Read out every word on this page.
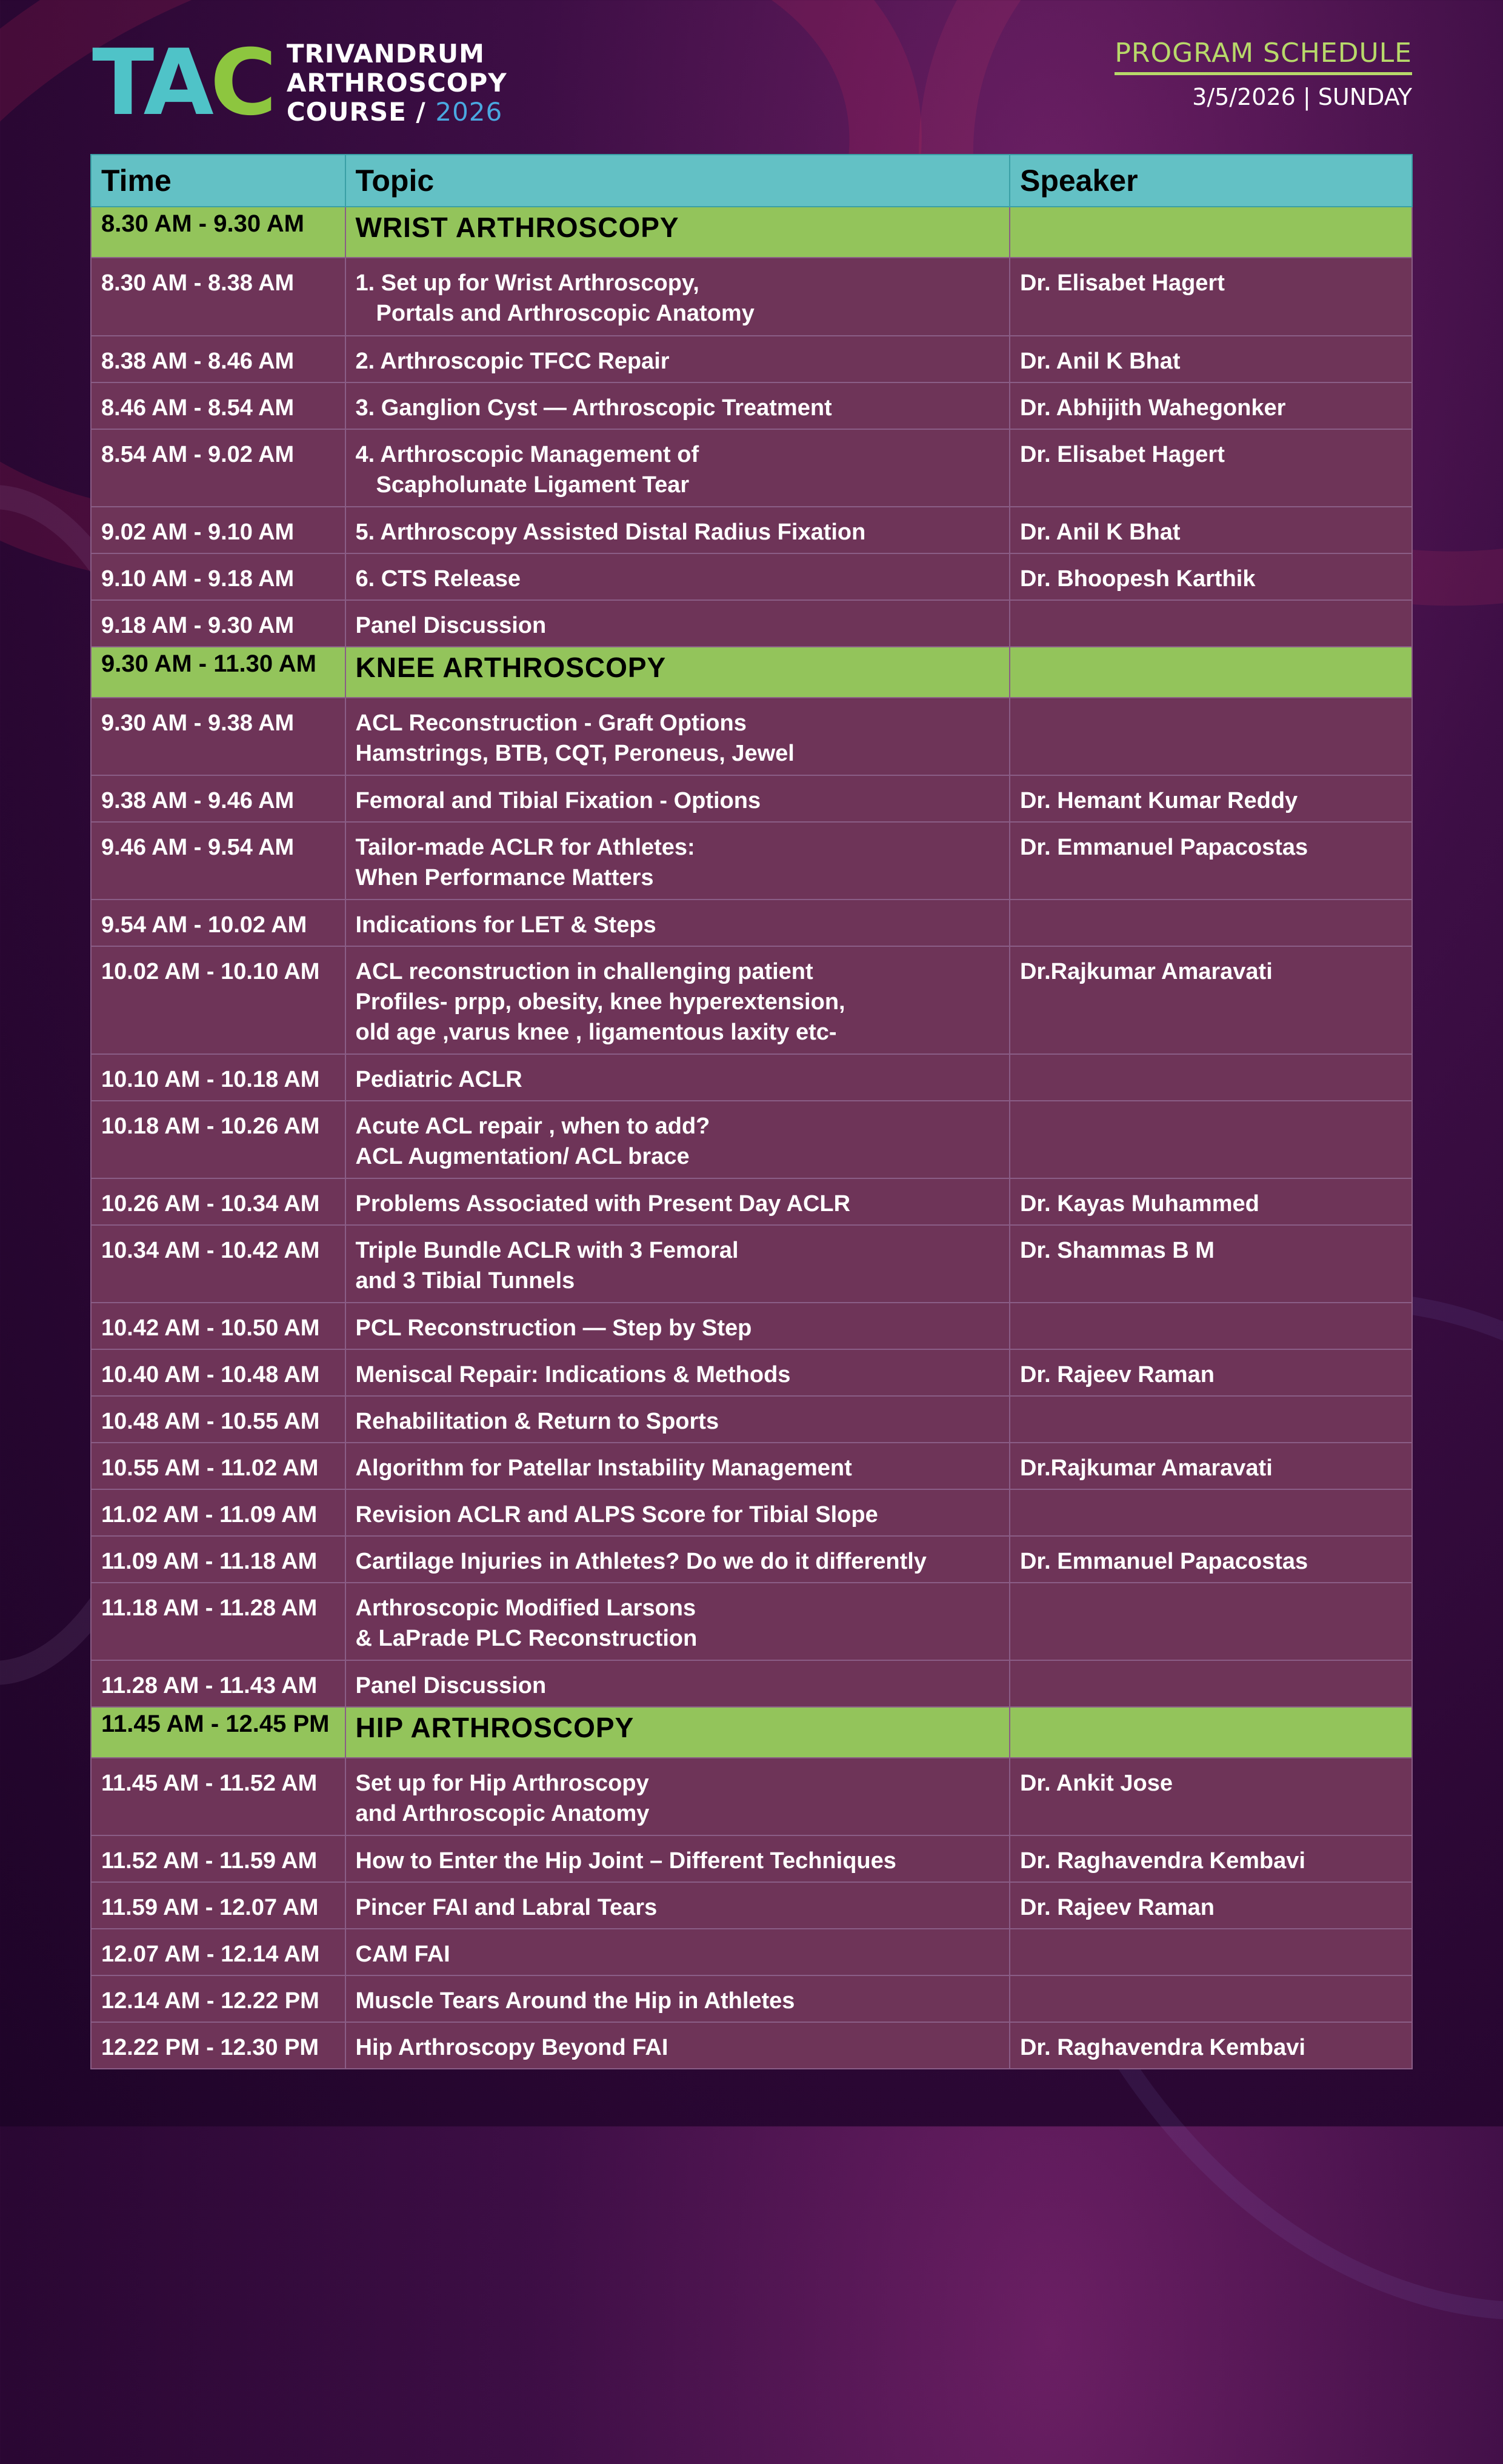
TAC TRIVANDRUM
ARTHROSCOPY
COURSE / 2026
PROGRAM SCHEDULE
3/5/2026 | SUNDAY
Time	Topic	Speaker
8.30 AM - 9.30 AM	WRIST ARTHROSCOPY	

8.30 AM - 8.38 AM	1. Set up for Wrist Arthroscopy,
Portals and Arthroscopic Anatomy	Dr. Elisabet Hagert
8.38 AM - 8.46 AM	2. Arthroscopic TFCC Repair	Dr. Anil K Bhat
8.46 AM - 8.54 AM	3. Ganglion Cyst — Arthroscopic Treatment	Dr. Abhijith Wahegonker
8.54 AM - 9.02 AM	4. Arthroscopic Management of
Scapholunate Ligament Tear	Dr. Elisabet Hagert
9.02 AM - 9.10 AM	5. Arthroscopy Assisted Distal Radius Fixation	Dr. Anil K Bhat
9.10 AM - 9.18 AM	6. CTS Release	Dr. Bhoopesh Karthik
9.18 AM - 9.30 AM	Panel Discussion	

9.30 AM - 11.30 AM	KNEE ARTHROSCOPY	

9.30 AM - 9.38 AM	ACL Reconstruction - Graft Options
Hamstrings, BTB, CQT, Peroneus, Jewel	

9.38 AM - 9.46 AM	Femoral and Tibial Fixation - Options	Dr. Hemant Kumar Reddy
9.46 AM - 9.54 AM	Tailor-made ACLR for Athletes:
When Performance Matters	Dr. Emmanuel Papacostas
9.54 AM - 10.02 AM	Indications for LET & Steps	

10.02 AM - 10.10 AM	ACL reconstruction in challenging patient
Profiles- prpp, obesity, knee hyperextension,
old age ,varus knee , ligamentous laxity etc-	Dr.Rajkumar Amaravati
10.10 AM - 10.18 AM	Pediatric ACLR	

10.18 AM - 10.26 AM	Acute ACL repair , when to add?
ACL Augmentation/ ACL brace	

10.26 AM - 10.34 AM	Problems Associated with Present Day ACLR	Dr. Kayas Muhammed
10.34 AM - 10.42 AM	Triple Bundle ACLR with 3 Femoral
and 3 Tibial Tunnels	Dr. Shammas B M
10.42 AM - 10.50 AM	PCL Reconstruction — Step by Step	

10.40 AM - 10.48 AM	Meniscal Repair: Indications & Methods	Dr. Rajeev Raman
10.48 AM - 10.55 AM	Rehabilitation & Return to Sports	

10.55 AM - 11.02 AM	Algorithm for Patellar Instability Management	Dr.Rajkumar Amaravati
11.02 AM - 11.09 AM	Revision ACLR and ALPS Score for Tibial Slope	

11.09 AM - 11.18 AM	Cartilage Injuries in Athletes? Do we do it differently	Dr. Emmanuel Papacostas
11.18 AM - 11.28 AM	Arthroscopic Modified Larsons
& LaPrade PLC Reconstruction	

11.28 AM - 11.43 AM	Panel Discussion	

11.45 AM - 12.45 PM	HIP ARTHROSCOPY	

11.45 AM - 11.52 AM	Set up for Hip Arthroscopy
and Arthroscopic Anatomy	Dr. Ankit Jose
11.52 AM - 11.59 AM	How to Enter the Hip Joint – Different Techniques	Dr. Raghavendra Kembavi
11.59 AM - 12.07 AM	Pincer FAI and Labral Tears	Dr. Rajeev Raman
12.07 AM - 12.14 AM	CAM FAI	

12.14 AM - 12.22 PM	Muscle Tears Around the Hip in Athletes	

12.22 PM - 12.30 PM	Hip Arthroscopy Beyond FAI	Dr. Raghavendra Kembavi
